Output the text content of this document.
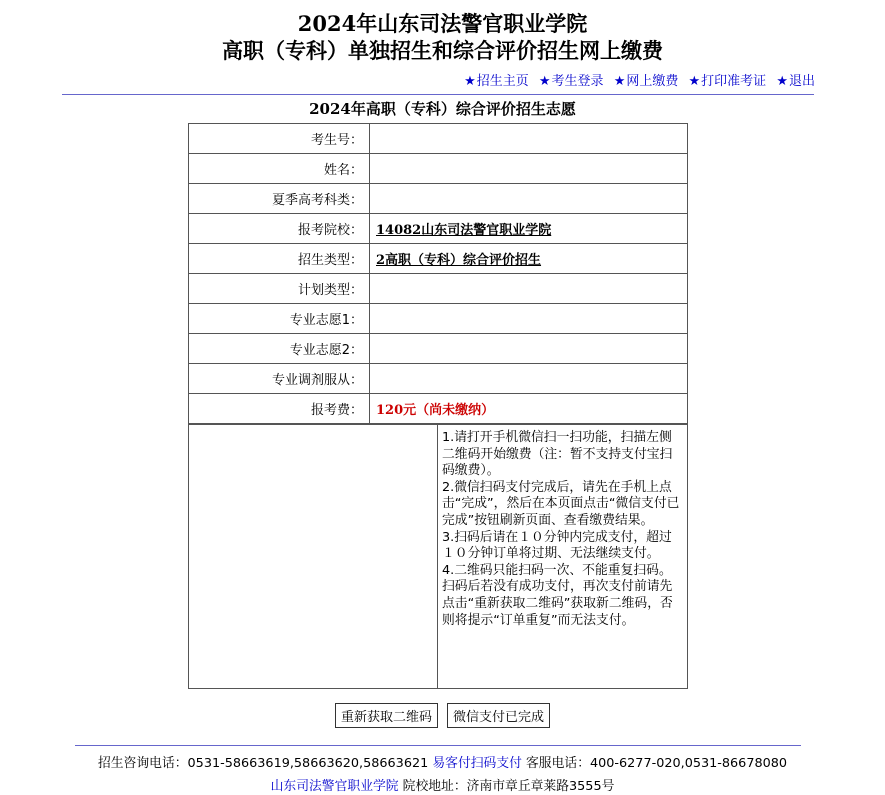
2024年山东司法警官职业学院
高职（专科）单独招生和综合评价招生网上缴费
★招生主页 ★考生登录 ★网上缴费 ★打印准考证 ★退出
2024年高职（专科）综合评价招生志愿
考生号：	
姓名：	
夏季高考科类：	
报考院校：	14082山东司法警官职业学院
招生类型：	2高职（专科）综合评价招生
计划类型：	
专业志愿1：	
专业志愿2：	
专业调剂服从：	
报考费：	120元（尚未缴纳）

1.请打开手机微信扫一扫功能，扫描左侧二维码开始缴费（注：暂不支持支付宝扫码缴费）。

2.微信扫码支付完成后，请先在手机上点击“完成”，然后在本页面点击“微信支付已完成”按钮刷新页面、查看缴费结果。

3.扫码后请在１０分钟内完成支付，超过１０分钟订单将过期、无法继续支付。

4.二维码只能扫码一次、不能重复扫码。扫码后若没有成功支付，再次支付前请先点击“重新获取二维码”获取新二维码，否则将提示“订单重复”而无法支付。

重新获取二维码 微信支付已完成
招生咨询电话：0531-58663619,58663620,58663621 易客付扫码支付 客服电话：400-6277-020,0531-86678080
山东司法警官职业学院 院校地址：济南市章丘章莱路3555号
